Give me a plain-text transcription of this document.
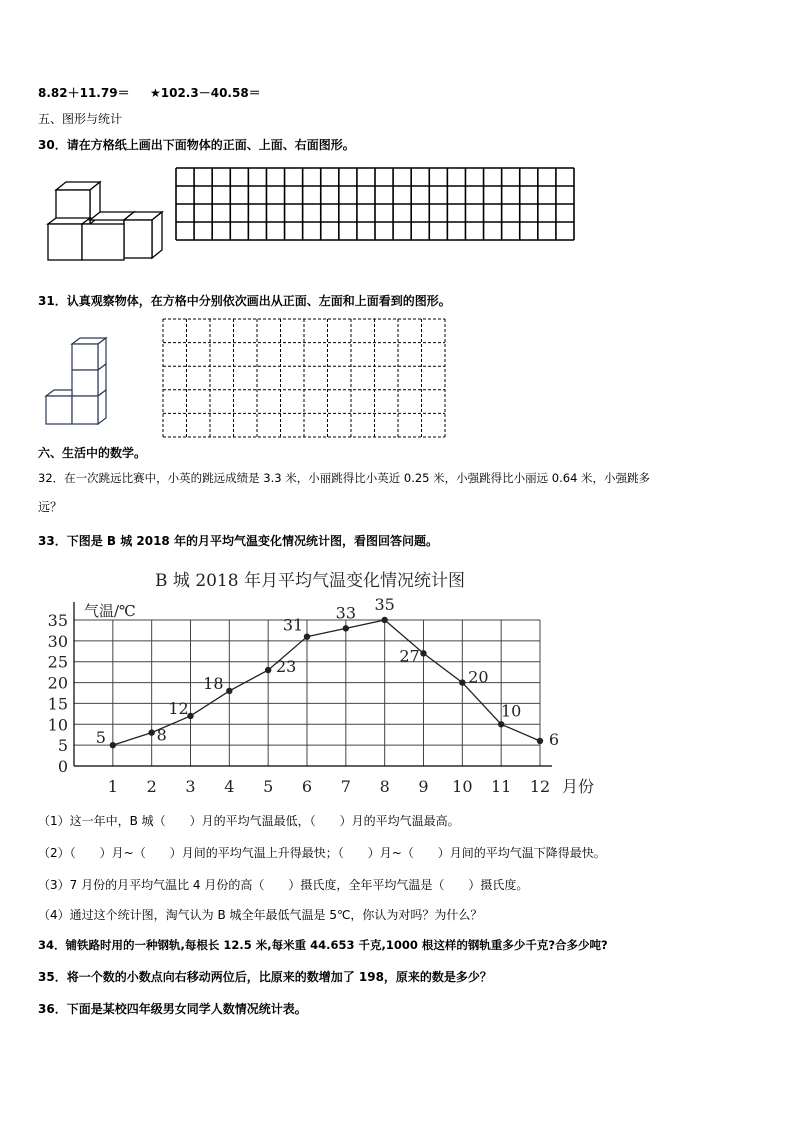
8.82＋11.79＝ ★102.3－40.58＝
五、图形与统计
30．请在方格纸上画出下面物体的正面、上面、右面图形。
31．认真观察物体，在方格中分别依次画出从正面、左面和上面看到的图形。
六、生活中的数学。
32．在一次跳远比赛中，小英的跳远成绩是 3.3 米，小丽跳得比小英近 0.25 米，小强跳得比小丽远 0.64 米，小强跳多
远？
33．下图是 B 城 2018 年的月平均气温变化情况统计图，看图回答问题。
B 城 2018 年月平均气温变化情况统计图
0
5
10
15
20
25
30
35
1 2 3 4 5 6 7 8 9 10 11 12
气温/℃
月份
5	8
12
18
23
31
33 35
27
20
10
6
（1）这一年中，B 城（　　）月的平均气温最低，（　　）月的平均气温最高。
（2）（　　）月~（　　）月间的平均气温上升得最快；（　　）月~（　　）月间的平均气温下降得最快。
（3）7 月份的月平均气温比 4 月份的高（　　）摄氏度，全年平均气温是（　　）摄氏度。
（4）通过这个统计图，淘气认为 B 城全年最低气温是 5℃，你认为对吗？为什么？
34．铺铁路时用的一种钢轨,每根长 12.5 米,每米重 44.653 千克,1000 根这样的钢轨重多少千克?合多少吨?
35．将一个数的小数点向右移动两位后，比原来的数增加了 198，原来的数是多少？
36．下面是某校四年级男女同学人数情况统计表。
